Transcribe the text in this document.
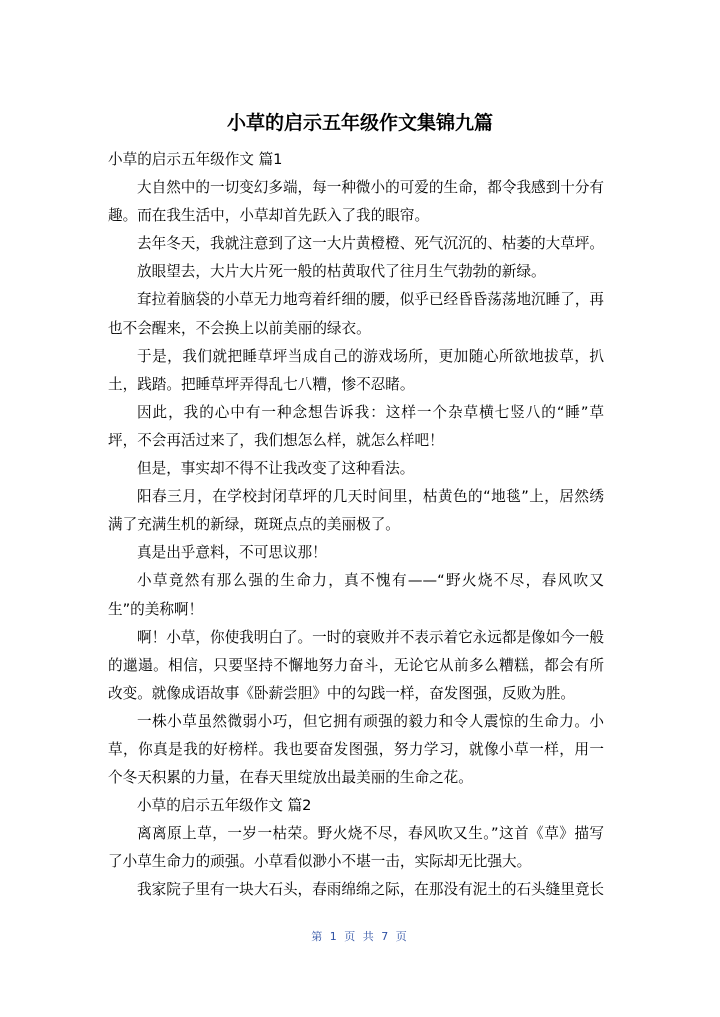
小草的启示五年级作文集锦九篇

小草的启示五年级作文 篇1

大自然中的一切变幻多端，每一种微小的可爱的生命，都令我感到十分有趣。而在我生活中，小草却首先跃入了我的眼帘。

去年冬天，我就注意到了这一大片黄橙橙、死气沉沉的、枯萎的大草坪。

放眼望去，大片大片死一般的枯黄取代了往月生气勃勃的新绿。

耷拉着脑袋的小草无力地弯着纤细的腰，似乎已经昏昏荡荡地沉睡了，再也不会醒来，不会换上以前美丽的绿衣。

于是，我们就把睡草坪当成自己的游戏场所，更加随心所欲地拔草，扒土，践踏。把睡草坪弄得乱七八糟，惨不忍睹。

因此，我的心中有一种念想告诉我：这样一个杂草横七竖八的“睡”草坪，不会再活过来了，我们想怎么样，就怎么样吧！

但是，事实却不得不让我改变了这种看法。

阳春三月，在学校封闭草坪的几天时间里，枯黄色的“地毯”上，居然绣满了充满生机的新绿，斑斑点点的美丽极了。

真是出乎意料，不可思议那！

小草竟然有那么强的生命力，真不愧有——“野火烧不尽，春风吹又生”的美称啊！

啊！小草，你使我明白了。一时的衰败并不表示着它永远都是像如今一般的邋遢。相信，只要坚持不懈地努力奋斗，无论它从前多么糟糕，都会有所改变。就像成语故事《卧薪尝胆》中的勾践一样，奋发图强，反败为胜。

一株小草虽然微弱小巧，但它拥有顽强的毅力和令人震惊的生命力。小草，你真是我的好榜样。我也要奋发图强，努力学习，就像小草一样，用一个冬天积累的力量，在春天里绽放出最美丽的生命之花。

小草的启示五年级作文 篇2

离离原上草，一岁一枯荣。野火烧不尽，春风吹又生。”这首《草》描写了小草生命力的顽强。小草看似渺小不堪一击，实际却无比强大。

我家院子里有一块大石头，春雨绵绵之际，在那没有泥土的石头缝里竟长

第 1 页 共 7 页
